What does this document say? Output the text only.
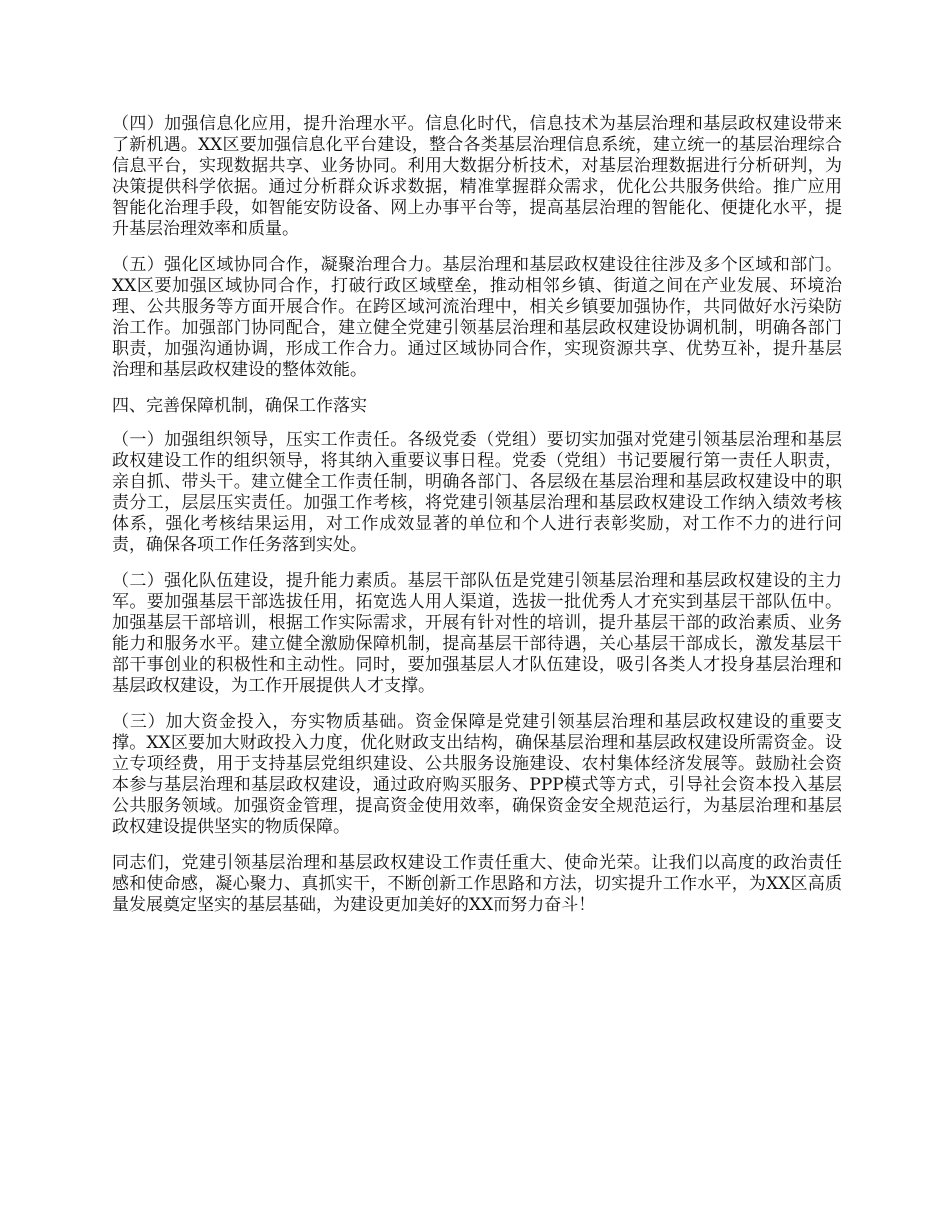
（四）加强信息化应用，提升治理水平。信息化时代，信息技术为基层治理和基层政权建设带来了新机遇。XX区要加强信息化平台建设，整合各类基层治理信息系统，建立统一的基层治理综合信息平台，实现数据共享、业务协同。利用大数据分析技术，对基层治理数据进行分析研判，为决策提供科学依据。通过分析群众诉求数据，精准掌握群众需求，优化公共服务供给。推广应用智能化治理手段，如智能安防设备、网上办事平台等，提高基层治理的智能化、便捷化水平，提升基层治理效率和质量。

（五）强化区域协同合作，凝聚治理合力。基层治理和基层政权建设往往涉及多个区域和部门。XX区要加强区域协同合作，打破行政区域壁垒，推动相邻乡镇、街道之间在产业发展、环境治理、公共服务等方面开展合作。在跨区域河流治理中，相关乡镇要加强协作，共同做好水污染防治工作。加强部门协同配合，建立健全党建引领基层治理和基层政权建设协调机制，明确各部门职责，加强沟通协调，形成工作合力。通过区域协同合作，实现资源共享、优势互补，提升基层治理和基层政权建设的整体效能。

四、完善保障机制，确保工作落实

（一）加强组织领导，压实工作责任。各级党委（党组）要切实加强对党建引领基层治理和基层政权建设工作的组织领导，将其纳入重要议事日程。党委（党组）书记要履行第一责任人职责，亲自抓、带头干。建立健全工作责任制，明确各部门、各层级在基层治理和基层政权建设中的职责分工，层层压实责任。加强工作考核，将党建引领基层治理和基层政权建设工作纳入绩效考核体系，强化考核结果运用，对工作成效显著的单位和个人进行表彰奖励，对工作不力的进行问责，确保各项工作任务落到实处。

（二）强化队伍建设，提升能力素质。基层干部队伍是党建引领基层治理和基层政权建设的主力军。要加强基层干部选拔任用，拓宽选人用人渠道，选拔一批优秀人才充实到基层干部队伍中。加强基层干部培训，根据工作实际需求，开展有针对性的培训，提升基层干部的政治素质、业务能力和服务水平。建立健全激励保障机制，提高基层干部待遇，关心基层干部成长，激发基层干部干事创业的积极性和主动性。同时，要加强基层人才队伍建设，吸引各类人才投身基层治理和基层政权建设，为工作开展提供人才支撑。

（三）加大资金投入，夯实物质基础。资金保障是党建引领基层治理和基层政权建设的重要支撑。XX区要加大财政投入力度，优化财政支出结构，确保基层治理和基层政权建设所需资金。设立专项经费，用于支持基层党组织建设、公共服务设施建设、农村集体经济发展等。鼓励社会资本参与基层治理和基层政权建设，通过政府购买服务、PPP模式等方式，引导社会资本投入基层公共服务领域。加强资金管理，提高资金使用效率，确保资金安全规范运行，为基层治理和基层政权建设提供坚实的物质保障。

同志们，党建引领基层治理和基层政权建设工作责任重大、使命光荣。让我们以高度的政治责任感和使命感，凝心聚力、真抓实干，不断创新工作思路和方法，切实提升工作水平，为XX区高质量发展奠定坚实的基层基础，为建设更加美好的XX而努力奋斗！
